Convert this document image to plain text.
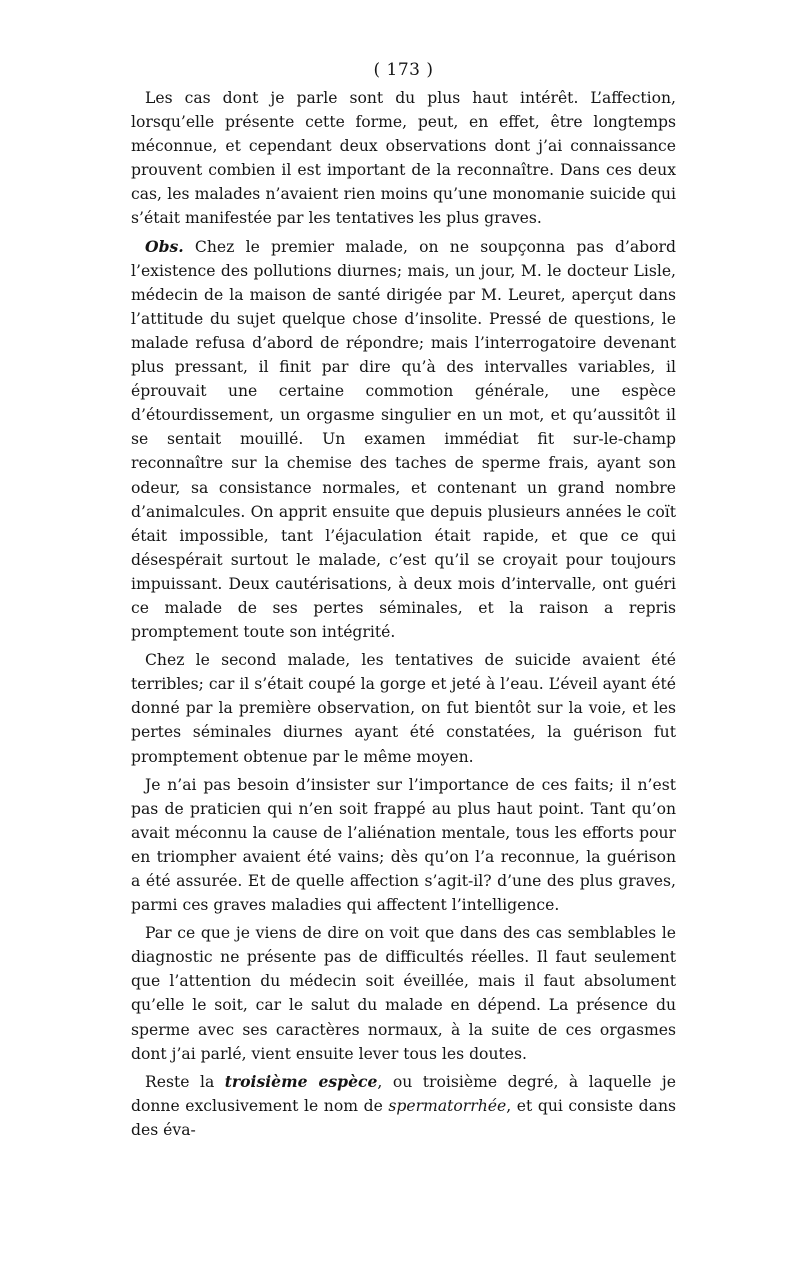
( 173 )

Les cas dont je parle sont du plus haut intérêt. L’affection, lorsqu’elle présente cette forme, peut, en effet, être longtemps méconnue, et cependant deux observations dont j’ai connaissance prouvent combien il est important de la reconnaître. Dans ces deux cas, les malades n’avaient rien moins qu’une monomanie suicide qui s’était manifestée par les tentatives les plus graves.

Obs. Chez le premier malade, on ne soupçonna pas d’abord l’existence des pollutions diurnes; mais, un jour, M. le docteur Lisle, médecin de la maison de santé dirigée par M. Leuret, aperçut dans l’attitude du sujet quelque chose d’insolite. Pressé de questions, le malade refusa d’abord de répondre; mais l’interrogatoire devenant plus pressant, il finit par dire qu’à des intervalles variables, il éprouvait une certaine commotion générale, une espèce d’étourdissement, un orgasme singulier en un mot, et qu’aussitôt il se sentait mouillé. Un examen immédiat fit sur-le-champ reconnaître sur la chemise des taches de sperme frais, ayant son odeur, sa consistance normales, et contenant un grand nombre d’animalcules. On apprit ensuite que depuis plusieurs années le coït était impossible, tant l’éjaculation était rapide, et que ce qui désespérait surtout le malade, c’est qu’il se croyait pour toujours impuissant. Deux cautérisations, à deux mois d’intervalle, ont guéri ce malade de ses pertes séminales, et la raison a repris promptement toute son intégrité.

Chez le second malade, les tentatives de suicide avaient été terribles; car il s’était coupé la gorge et jeté à l’eau. L’éveil ayant été donné par la première observation, on fut bientôt sur la voie, et les pertes séminales diurnes ayant été constatées, la guérison fut promptement obtenue par le même moyen.

Je n’ai pas besoin d’insister sur l’importance de ces faits; il n’est pas de praticien qui n’en soit frappé au plus haut point. Tant qu’on avait méconnu la cause de l’aliénation mentale, tous les efforts pour en triompher avaient été vains; dès qu’on l’a reconnue, la guérison a été assurée. Et de quelle affection s’agit-il? d’une des plus graves, parmi ces graves maladies qui affectent l’intelligence.

Par ce que je viens de dire on voit que dans des cas semblables le diagnostic ne présente pas de difficultés réelles. Il faut seulement que l’attention du médecin soit éveillée, mais il faut absolument qu’elle le soit, car le salut du malade en dépend. La présence du sperme avec ses caractères normaux, à la suite de ces orgasmes dont j’ai parlé, vient ensuite lever tous les doutes.

Reste la troisième espèce, ou troisième degré, à laquelle je donne exclusivement le nom de spermatorrhée, et qui consiste dans des éva-
